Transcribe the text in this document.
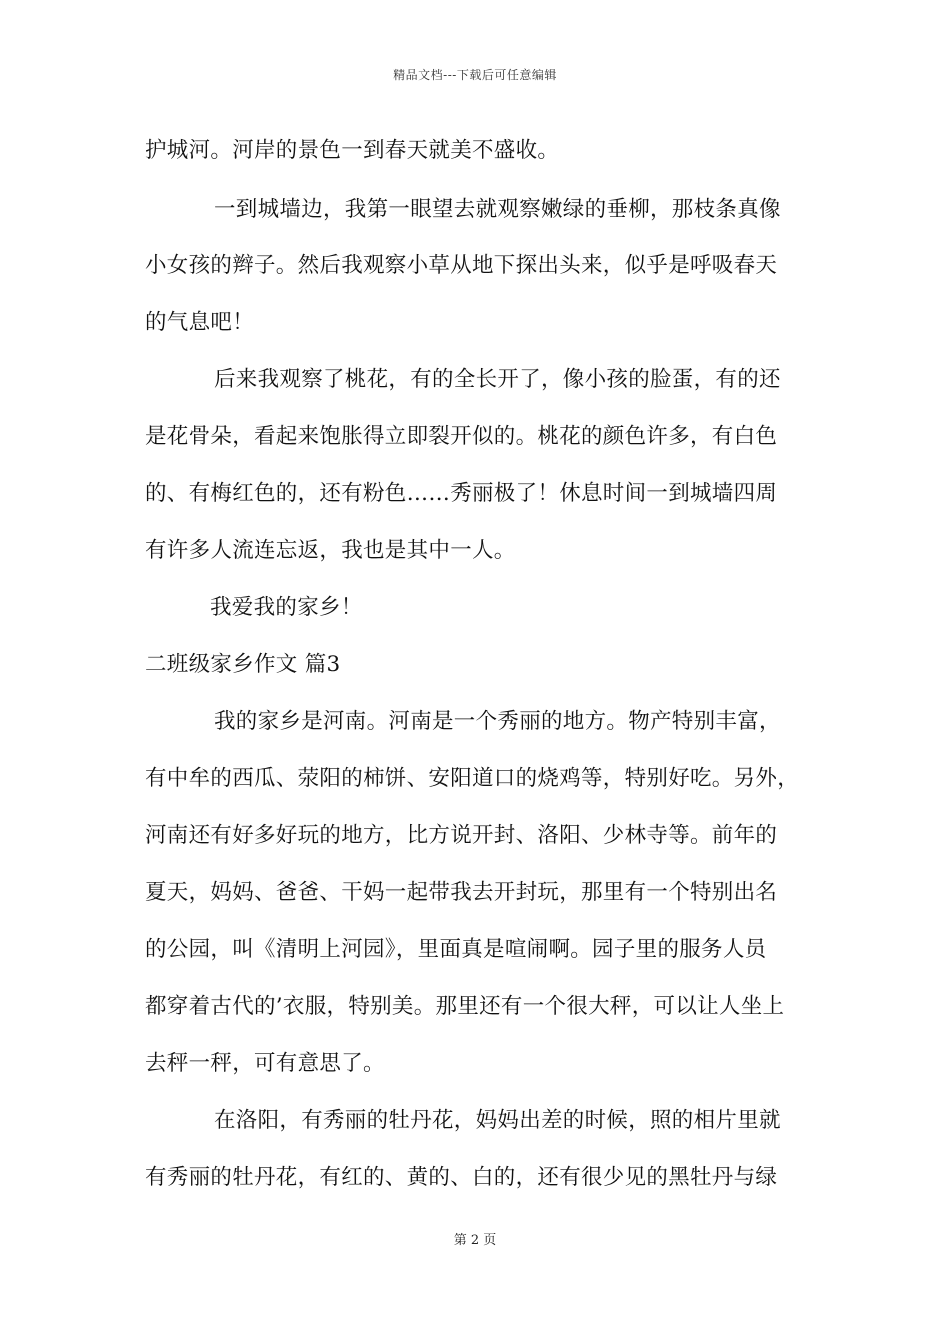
精品文档---下载后可任意编辑
护城河。河岸的景色一到春天就美不盛收。
一到城墙边，我第一眼望去就观察嫩绿的垂柳，那枝条真像
小女孩的辫子。然后我观察小草从地下探出头来，似乎是呼吸春天
的气息吧！
后来我观察了桃花，有的全长开了，像小孩的脸蛋，有的还
是花骨朵，看起来饱胀得立即裂开似的。桃花的颜色许多，有白色
的、有梅红色的，还有粉色……秀丽极了！休息时间一到城墙四周
有许多人流连忘返，我也是其中一人。
我爱我的家乡！
二班级家乡作文 篇3
我的家乡是河南。河南是一个秀丽的地方。物产特别丰富，
有中牟的西瓜、荥阳的柿饼、安阳道口的烧鸡等，特别好吃。另外，
河南还有好多好玩的地方，比方说开封、洛阳、少林寺等。前年的
夏天，妈妈、爸爸、干妈一起带我去开封玩，那里有一个特别出名
的公园，叫《清明上河园》，里面真是喧闹啊。园子里的服务人员
都穿着古代的’衣服，特别美。那里还有一个很大秤，可以让人坐上
去秤一秤，可有意思了。
在洛阳，有秀丽的牡丹花，妈妈出差的时候，照的相片里就
有秀丽的牡丹花，有红的、黄的、白的，还有很少见的黑牡丹与绿
第 2 页
